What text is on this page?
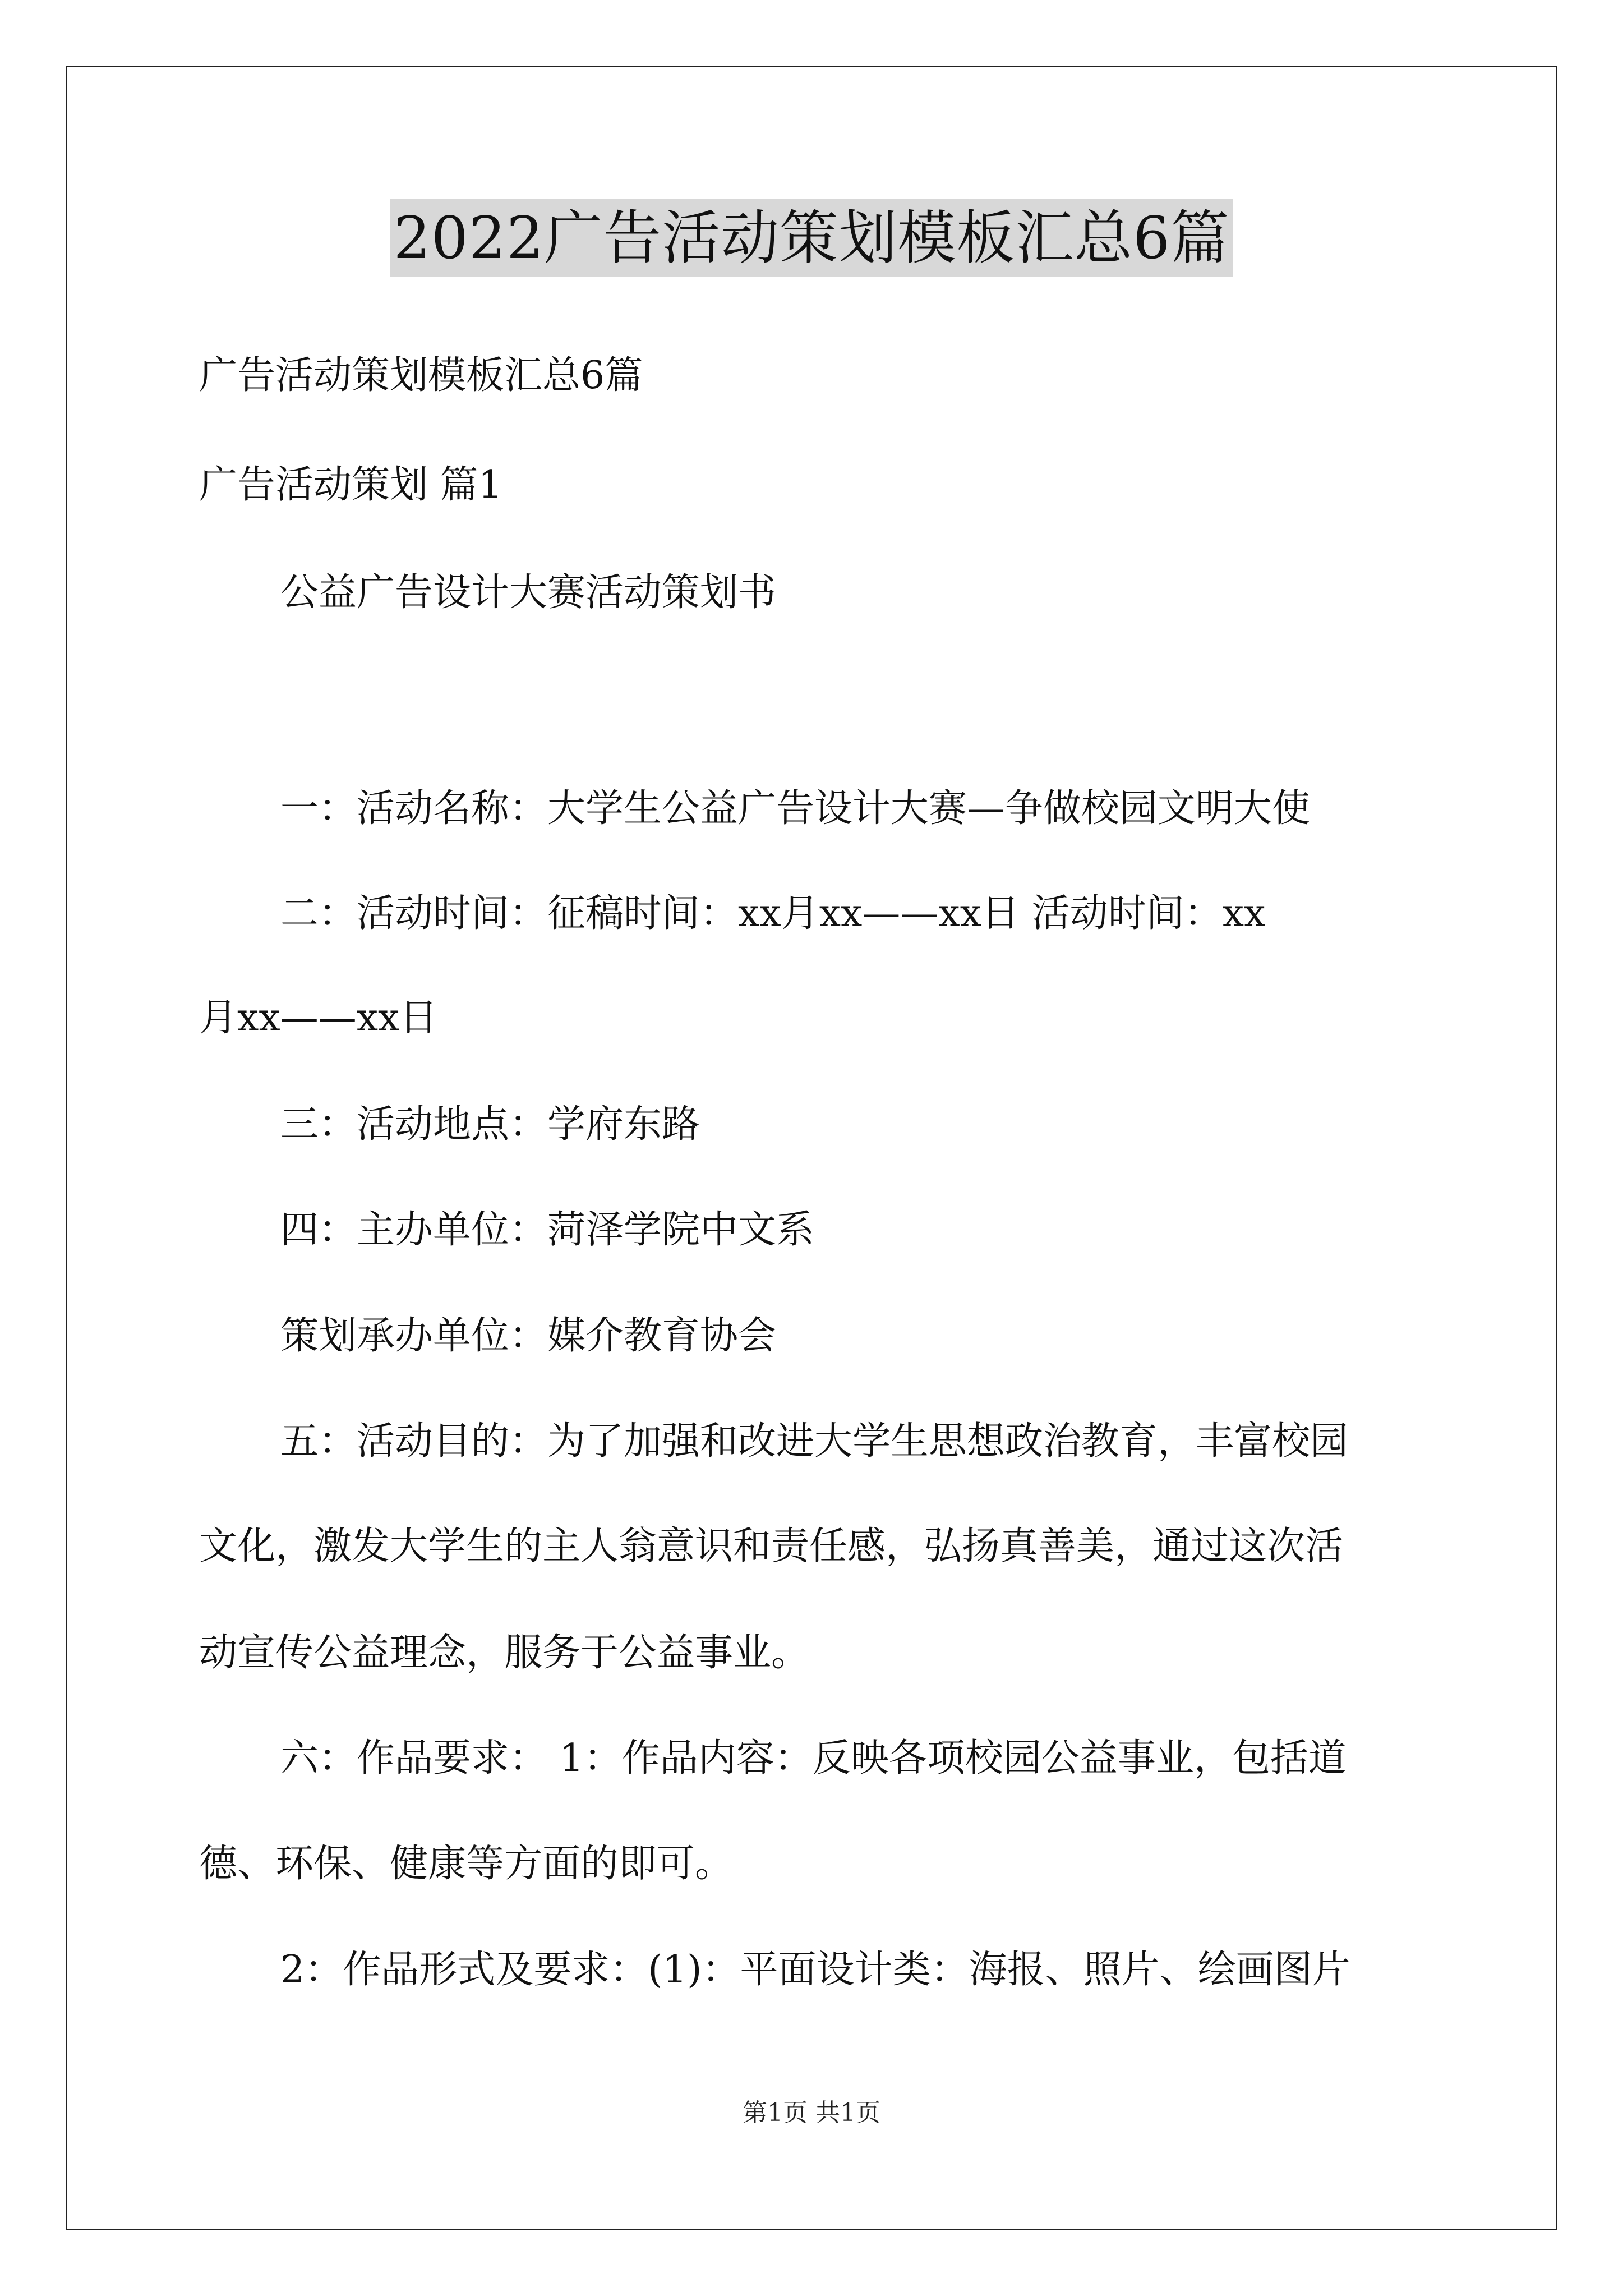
2022广告活动策划模板汇总6篇
广告活动策划模板汇总6篇
广告活动策划 篇1
公益广告设计大赛活动策划书
一：活动名称：大学生公益广告设计大赛—争做校园文明大使
二：活动时间：征稿时间：xx月xx——xx日 活动时间：xx
月xx——xx日
三：活动地点：学府东路
四：主办单位：菏泽学院中文系
策划承办单位：媒介教育协会
五：活动目的：为了加强和改进大学生思想政治教育，丰富校园
文化，激发大学生的主人翁意识和责任感，弘扬真善美，通过这次活
动宣传公益理念，服务于公益事业。
六：作品要求： 1：作品内容：反映各项校园公益事业，包括道
德、环保、健康等方面的即可。
2：作品形式及要求：(1)：平面设计类：海报、照片、绘画图片
第1页 共1页
